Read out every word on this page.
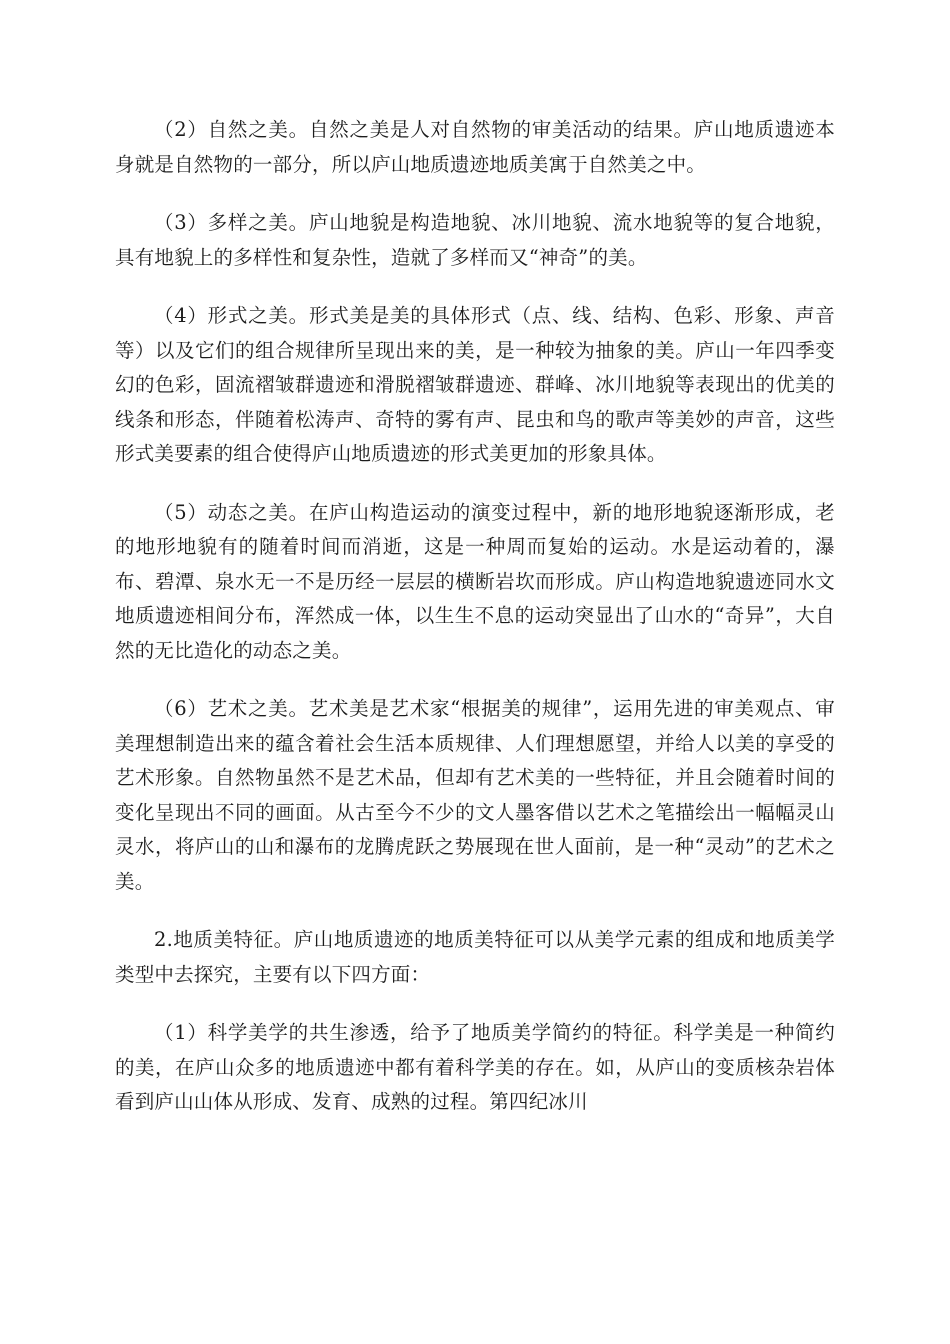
（2）自然之美。自然之美是人对自然物的审美活动的结果。庐山地质遗迹本身就是自然物的一部分，所以庐山地质遗迹地质美寓于自然美之中。

（3）多样之美。庐山地貌是构造地貌、冰川地貌、流水地貌等的复合地貌，具有地貌上的多样性和复杂性，造就了多样而又“神奇”的美。

（4）形式之美。形式美是美的具体形式（点、线、结构、色彩、形象、声音等）以及它们的组合规律所呈现出来的美，是一种较为抽象的美。庐山一年四季变幻的色彩，固流褶皱群遗迹和滑脱褶皱群遗迹、群峰、冰川地貌等表现出的优美的线条和形态，伴随着松涛声、奇特的雾有声、昆虫和鸟的歌声等美妙的声音，这些形式美要素的组合使得庐山地质遗迹的形式美更加的形象具体。

（5）动态之美。在庐山构造运动的演变过程中，新的地形地貌逐渐形成，老的地形地貌有的随着时间而消逝，这是一种周而复始的运动。水是运动着的，瀑布、碧潭、泉水无一不是历经一层层的横断岩坎而形成。庐山构造地貌遗迹同水文地质遗迹相间分布，浑然成一体，以生生不息的运动突显出了山水的“奇异”，大自然的无比造化的动态之美。

（6）艺术之美。艺术美是艺术家“根据美的规律”，运用先进的审美观点、审美理想制造出来的蕴含着社会生活本质规律、人们理想愿望，并给人以美的享受的艺术形象。自然物虽然不是艺术品，但却有艺术美的一些特征，并且会随着时间的变化呈现出不同的画面。从古至今不少的文人墨客借以艺术之笔描绘出一幅幅灵山灵水，将庐山的山和瀑布的龙腾虎跃之势展现在世人面前，是一种“灵动”的艺术之美。

2.地质美特征。庐山地质遗迹的地质美特征可以从美学元素的组成和地质美学类型中去探究，主要有以下四方面：

（1）科学美学的共生渗透，给予了地质美学简约的特征。科学美是一种简约的美，在庐山众多的地质遗迹中都有着科学美的存在。如，从庐山的变质核杂岩体看到庐山山体从形成、发育、成熟的过程。第四纪冰川
